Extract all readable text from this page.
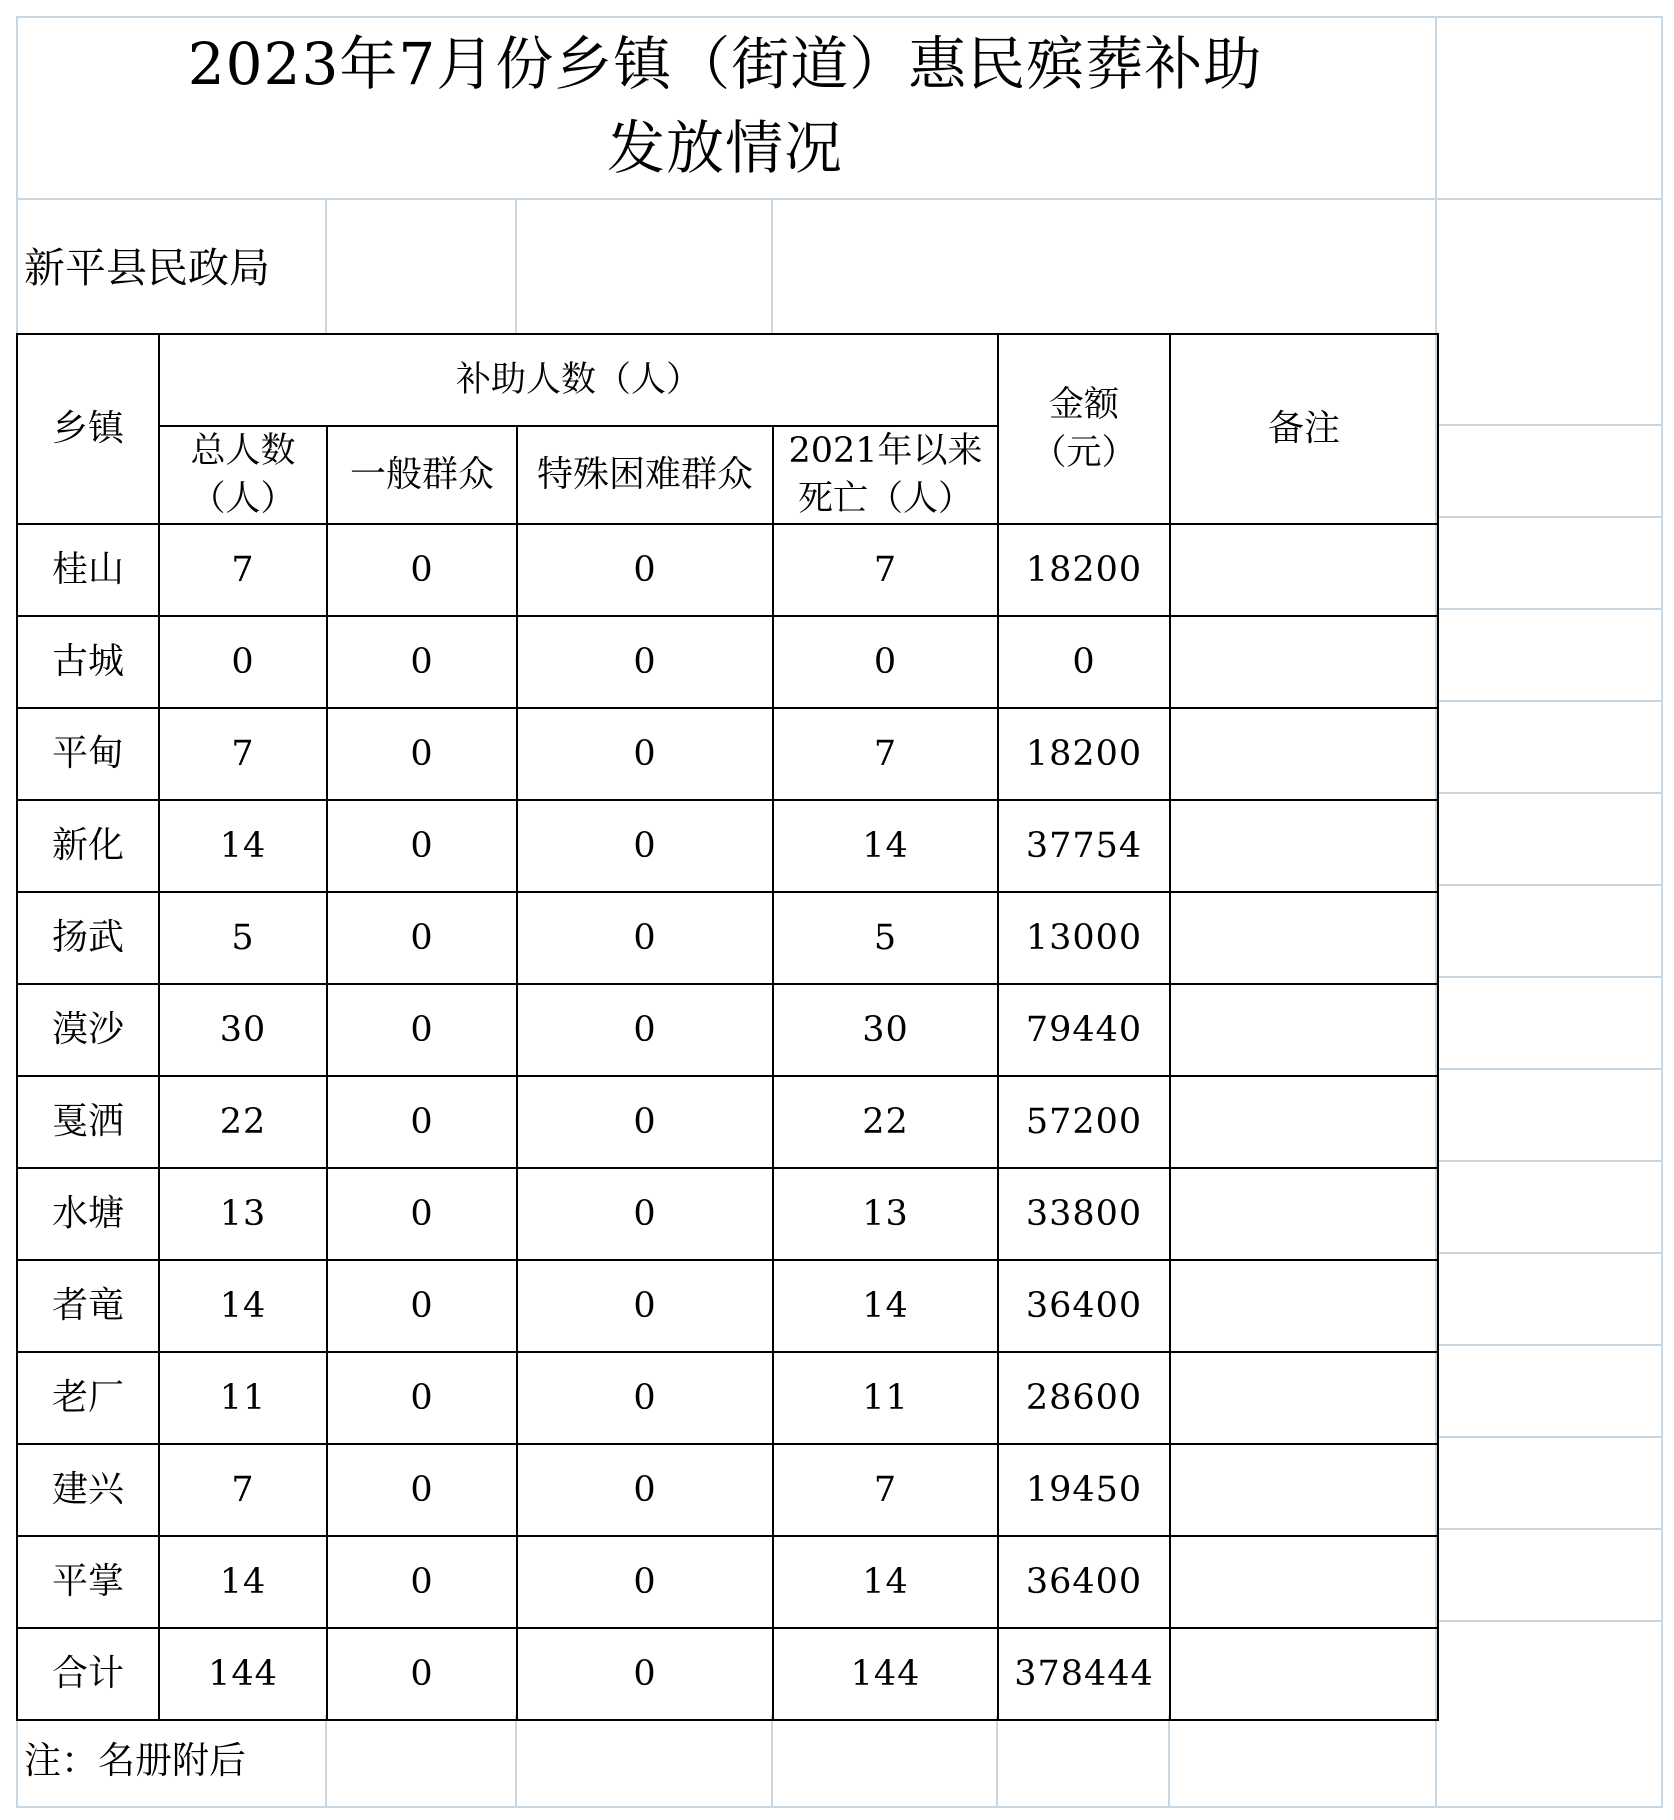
2023年7月份乡镇（街道）惠民殡葬补助
发放情况
新平县民政局
乡镇	补助人数（人）				金额（元）	备注

	总人数（人）	一般群众	特殊困难群众	2021年以来死亡（人）		

桂山	7	0	0	7	18200	
古城	0	0	0	0	0	
平甸	7	0	0	7	18200	
新化	14	0	0	14	37754	
扬武	5	0	0	5	13000	
漠沙	30	0	0	30	79440	
戛洒	22	0	0	22	57200	
水塘	13	0	0	13	33800	
者竜	14	0	0	14	36400	
老厂	11	0	0	11	28600	
建兴	7	0	0	7	19450	
平掌	14	0	0	14	36400	
合计	144	0	0	144	378444	
注：名册附后
